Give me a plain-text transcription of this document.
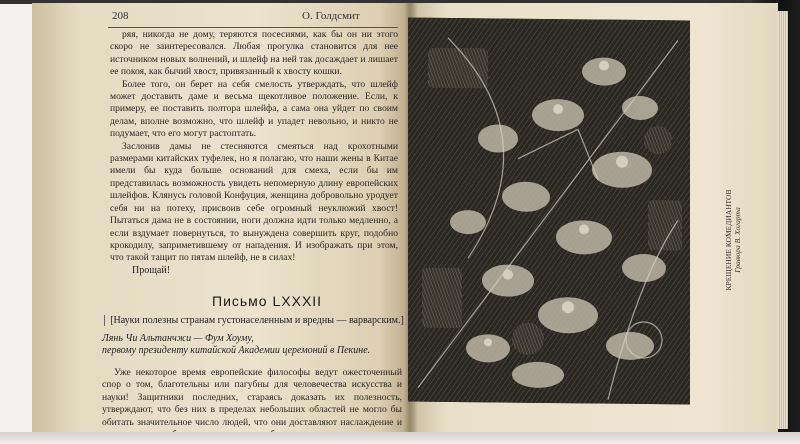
208	О. Голдсмит

ряя, никогда не дому, теряются посесиями, как бы он ни этого скоро не заинтересовался. Любая прогулка становится для нее источником новых волнений, и шлейф на ней так досаждает и лишает ее покоя, как бычий хвост, привязанный к хвосту кошки.

Более того, он берет на себя смелость утверждать, что шлейф может доставить даме и весьма щекотливое положение. Если, к примеру, ее поставить полтора шлейфа, а сама она уйдет по своим делам, вполне возможно, что шлейф и упадет невольно, и никто не подумает, что его могут растоптать.

Заслонив дамы не стесняются смеяться над крохотными размерами китайских туфелек, но я полагаю, что наши жены в Китае имели бы куда больше оснований для смеха, если бы им представилась возможность увидеть непомерную длину европейских шлейфов. Клянусь головой Конфуция, женщина добровольно уродует себя ни на потеху, присвоив себе огромный неуклюжий хвост! Пытаться дама не в состоянии, ноги должна идти только медленно, а если вздумает повернуться, то вынуждена совершить круг, подобно крокодилу, заприметившему от нападения. И изображать при этом, что такой тащит по пятам шлейф, не в силах!

Прощай!
Письмо LXXXII
[Науки полезны странам густонаселенным и вредны — варварским.]
Лянь Чи Альтанчжи — Фум Хоуму,
первому президенту китайской Академии церемоний в Пекине.

Уже некоторое время европейские философы ведут ожесточенный спор о том, благотельны или пагубны для человечества искусства и науки! Защитники последних, стараясь доказать их полезность, утверждают, что без них в пределах небольших областей не могло бы обитать значительное число людей, что они доставляют наслаждение и

КРЕЩЕНИЕ КОМЕДИАНТОВ Гравюра В. Хогарта
